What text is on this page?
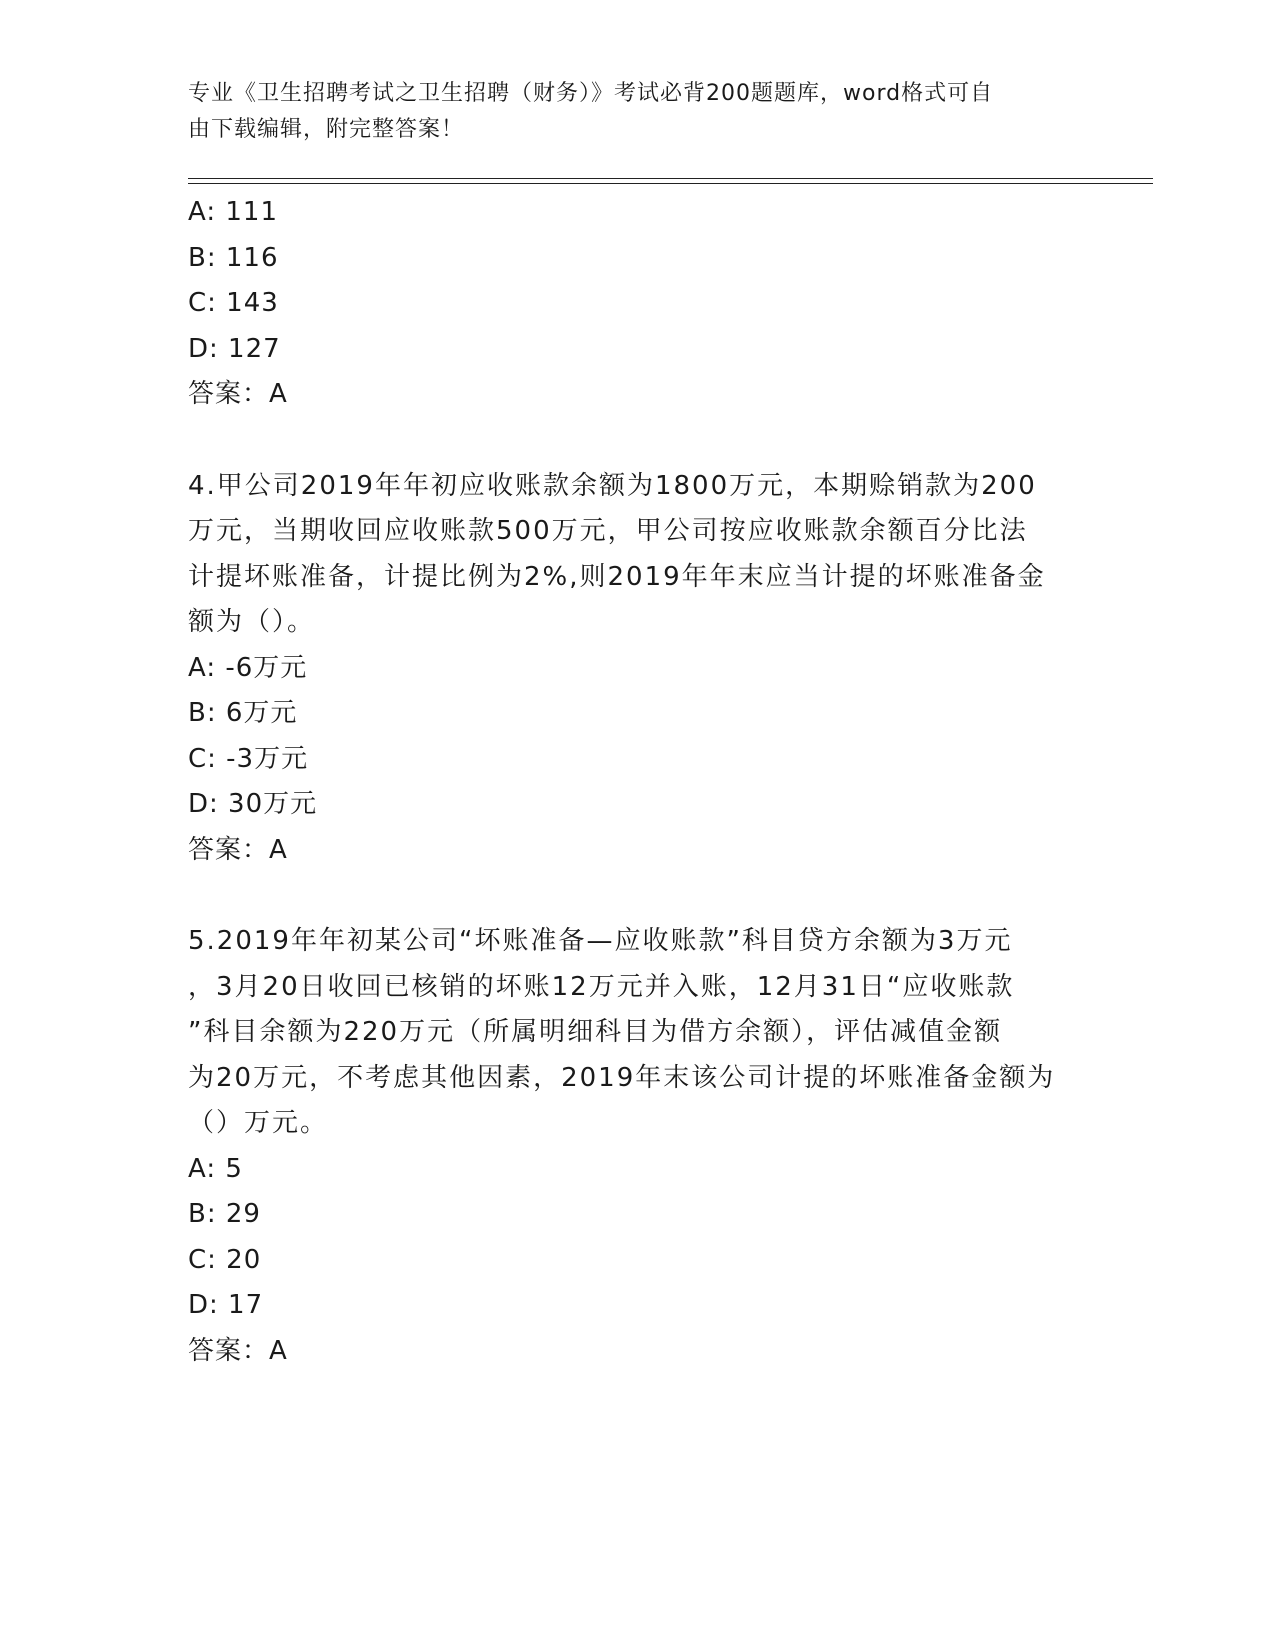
专业《卫生招聘考试之卫生招聘（财务）》考试必背200题题库，word格式可自
由下载编辑，附完整答案！
A: 111
B: 116
C: 143
D: 127
答案：A
4.甲公司2019年年初应收账款余额为1800万元，本期赊销款为200
万元，当期收回应收账款500万元，甲公司按应收账款余额百分比法
计提坏账准备，计提比例为2%,则2019年年末应当计提的坏账准备金
额为（）。
A: -6万元
B: 6万元
C: -3万元
D: 30万元
答案：A
5.2019年年初某公司“坏账准备—应收账款”科目贷方余额为3万元
，3月20日收回已核销的坏账12万元并入账，12月31日“应收账款
”科目余额为220万元（所属明细科目为借方余额），评估减值金额
为20万元，不考虑其他因素，2019年末该公司计提的坏账准备金额为
（）万元。
A: 5
B: 29
C: 20
D: 17
答案：A
